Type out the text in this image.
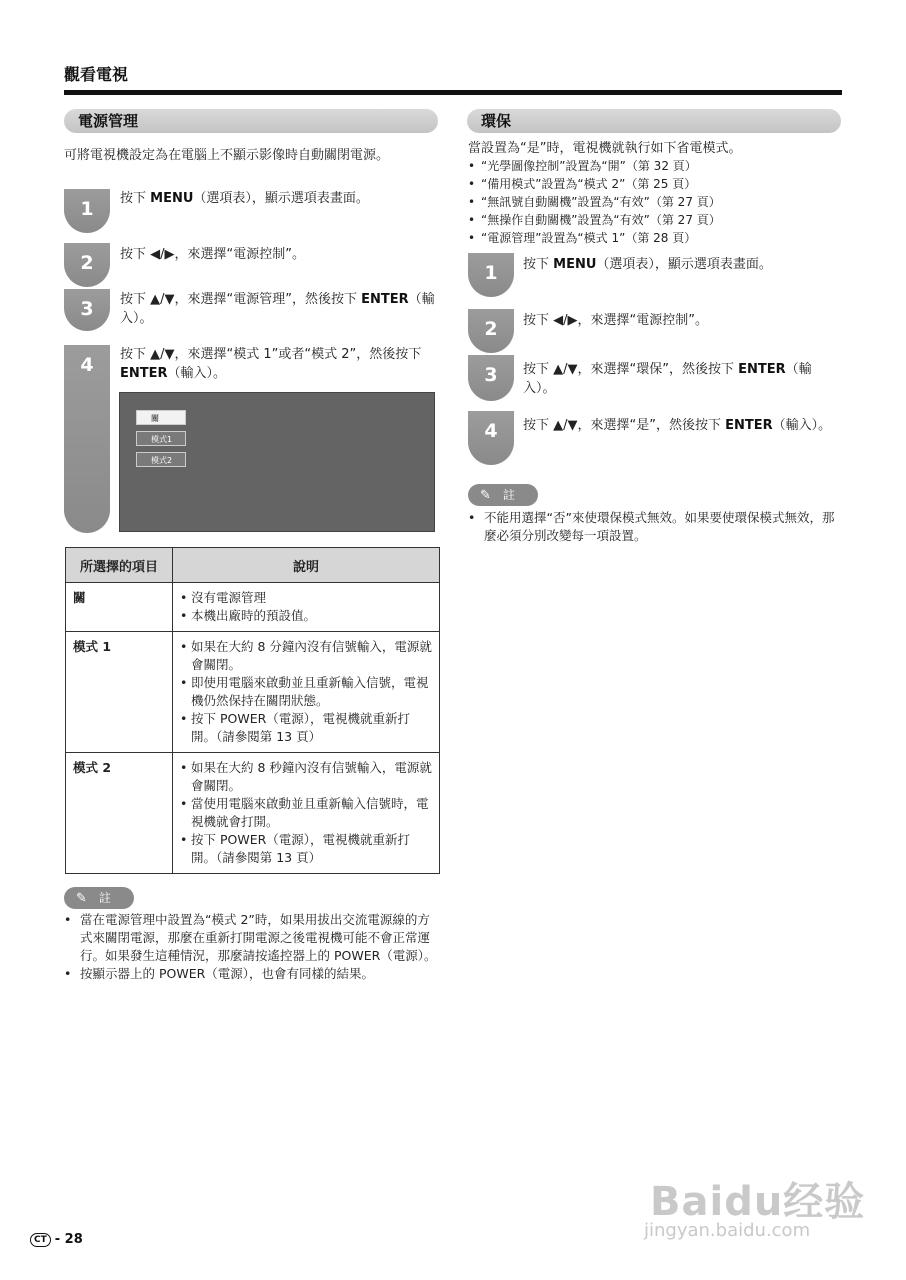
觀看電視
電源管理
可將電視機設定為在電腦上不顯示影像時自動關閉電源。
1	按下 MENU（選項表），顯示選項表畫面。
2	按下 ◀/▶，來選擇“電源控制”。
3	按下 ▲/▼，來選擇“電源管理”，然後按下 ENTER（輸入）。
4	按下 ▲/▼，來選擇“模式 1”或者“模式 2”，然後按下 ENTER（輸入）。
關
模式1
模式2
所選擇的項目	說明
關	• 沒有電源管理
• 本機出廠時的預設值。

模式 1	• 如果在大約 8 分鐘內沒有信號輸入，電源就會關閉。
• 即使用電腦來啟動並且重新輸入信號，電視機仍然保持在關閉狀態。
• 按下 POWER（電源），電視機就重新打開。（請參閱第 13 頁）

模式 2	• 如果在大約 8 秒鐘內沒有信號輸入，電源就會關閉。
• 當使用電腦來啟動並且重新輸入信號時，電視機就會打開。
• 按下 POWER（電源），電視機就重新打開。（請參閱第 13 頁）
✎ 註
• 當在電源管理中設置為“模式 2”時，如果用拔出交流電源線的方式來關閉電源，那麼在重新打開電源之後電視機可能不會正常運行。如果發生這種情況，那麼請按遙控器上的 POWER（電源）。
• 按顯示器上的 POWER（電源），也會有同樣的結果。
環保
當設置為“是”時，電視機就執行如下省電模式。
• “光學圖像控制”設置為“開”（第 32 頁）
• “備用模式”設置為“模式 2”（第 25 頁）
• “無訊號自動關機”設置為“有效”（第 27 頁）
• “無操作自動關機”設置為“有效”（第 27 頁）
• “電源管理”設置為“模式 1”（第 28 頁）
1	按下 MENU（選項表），顯示選項表畫面。
2	按下 ◀/▶，來選擇“電源控制”。
3	按下 ▲/▼，來選擇“環保”，然後按下 ENTER（輸入）。
4	按下 ▲/▼，來選擇“是”，然後按下 ENTER（輸入）。
✎ 註
• 不能用選擇“否”來使環保模式無效。如果要使環保模式無效，那麼必須分別改變每一項設置。
CT - 28
Baidu经验
jingyan.baidu.com
